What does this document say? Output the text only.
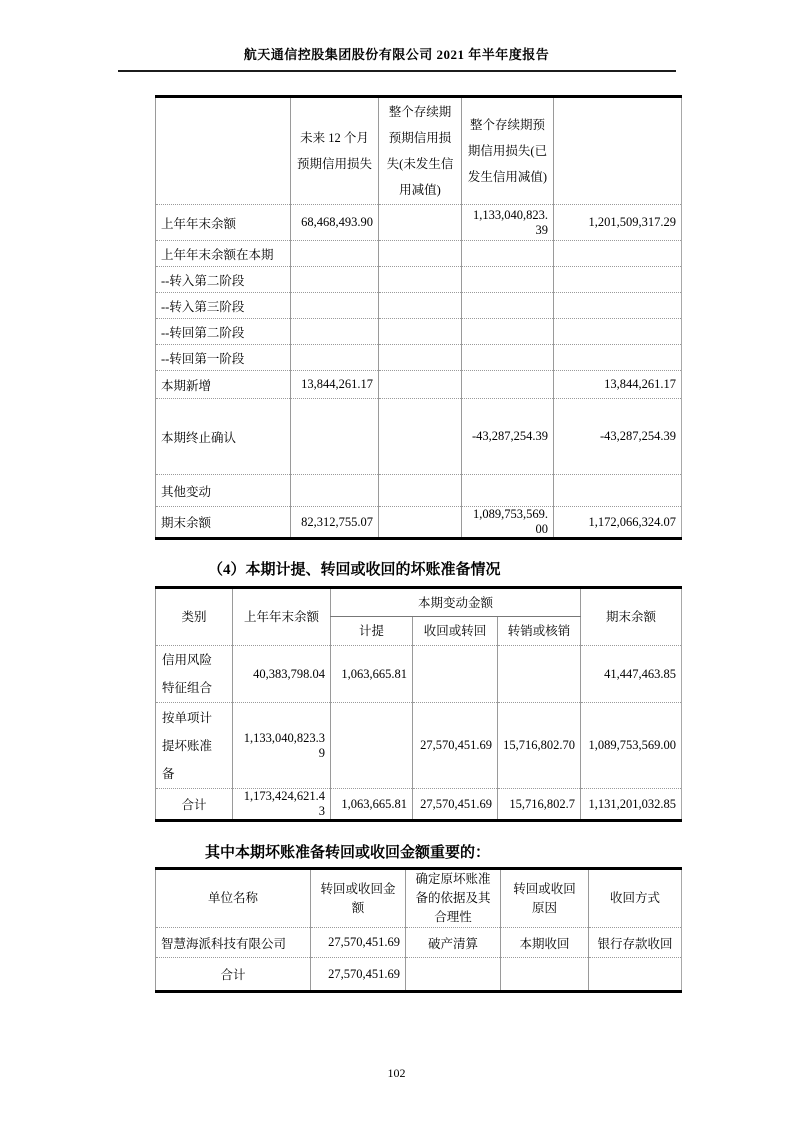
航天通信控股集团股份有限公司 2021 年半年度报告
	未来 12 个月预期信用损失	整个存续期预期信用损失(未发生信用减值)	整个存续期预期信用损失(已发生信用减值)	
上年年末余额	68,468,493.90		1,133,040,823.39	1,201,509,317.29
上年年末余额在本期				
--转入第二阶段				
--转入第三阶段				
--转回第二阶段				
--转回第一阶段				
本期新增	13,844,261.17			13,844,261.17
本期终止确认			-43,287,254.39	-43,287,254.39
其他变动				
期末余额	82,312,755.07		1,089,753,569.00	1,172,066,324.07
（4）本期计提、转回或收回的坏账准备情况
类别	上年年末余额	本期变动金额			期末余额
		计提	收回或转回	转销或核销	
信用风险特征组合	40,383,798.04	1,063,665.81			41,447,463.85
按单项计提坏账准备	1,133,040,823.39		27,570,451.69	15,716,802.70	1,089,753,569.00
合计	1,173,424,621.43	1,063,665.81	27,570,451.69	15,716,802.7	1,131,201,032.85
其中本期坏账准备转回或收回金额重要的：
单位名称	转回或收回金额	确定原坏账准备的依据及其合理性	转回或收回原因	收回方式
智慧海派科技有限公司	27,570,451.69	破产清算	本期收回	银行存款收回
合计	27,570,451.69			
102
